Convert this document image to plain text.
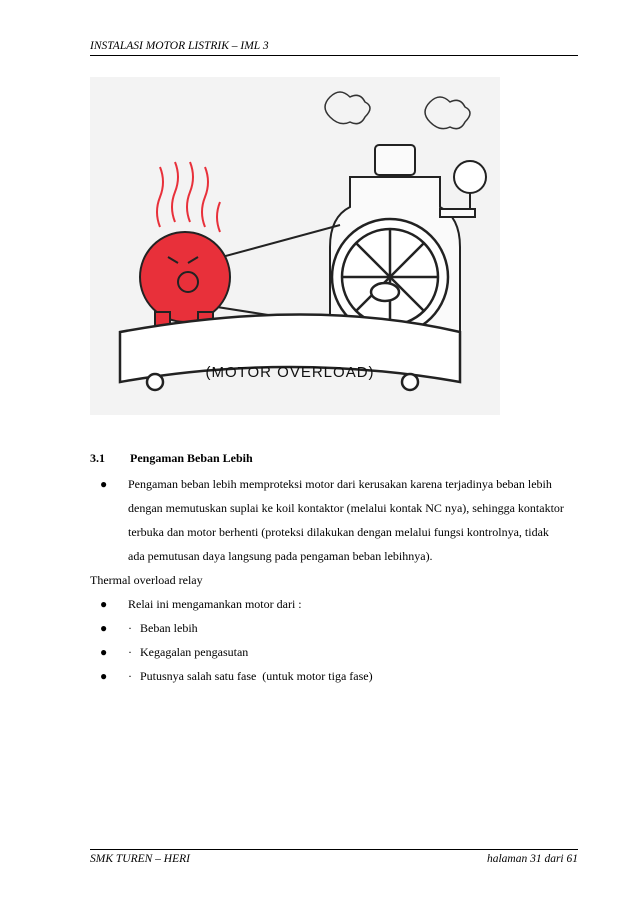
INSTALASI MOTOR LISTRIK – IML 3
(MOTOR OVERLOAD)
3.1 Pengaman Beban Lebih

● Pengaman beban lebih memproteksi motor dari kerusakan karena terjadinya beban lebih dengan memutuskan suplai ke koil kontaktor (melalui kontak NC nya), sehingga kontaktor terbuka dan motor berhenti (proteksi dilakukan dengan melalui fungsi kontrolnya, tidak ada pemutusan daya langsung pada pengaman beban lebihnya).

Thermal overload relay

● Relai ini mengamankan motor dari :

● · Beban lebih

● · Kegagalan pengasutan

● · Putusnya salah satu fase  (untuk motor tiga fase)

SMK TUREN – HERI	halaman 31 dari 61
